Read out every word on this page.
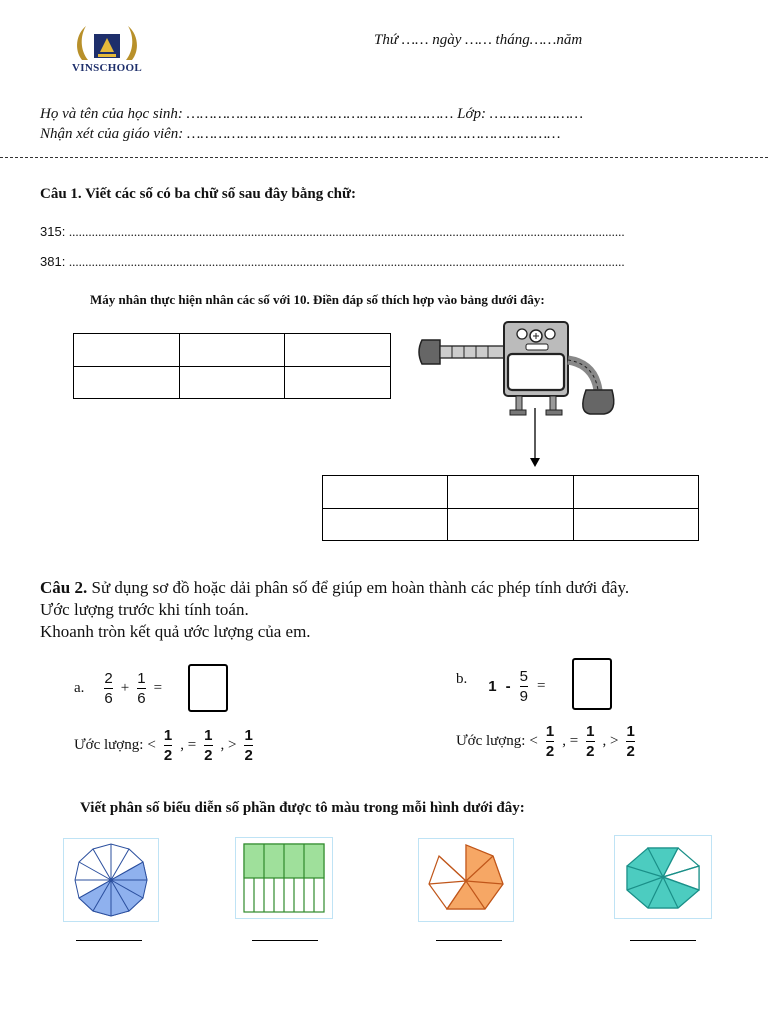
VINSCHOOL
Thứ …… ngày …… tháng……năm
Họ và tên của học sinh: …………………………………………………… Lớp: …………………
Nhận xét của giáo viên: …………………………………………………………………………
Câu 1. Viết các số có ba chữ số sau đây bằng chữ:
315: ...........................................................................................................................................................................
381: ...........................................................................................................................................................................
Máy nhân thực hiện nhân các số với 10. Điền đáp số thích hợp vào bảng dưới đây:

Câu 2. Sử dụng sơ đồ hoặc dải phân số để giúp em hoàn thành các phép tính dưới đây.
Ước lượng trước khi tính toán.
Khoanh tròn kết quả ước lượng của em.
a. $\frac{2}{6} + \frac{1}{6}$ =
b. $1 - \frac{5}{9}$ =
Ước lượng: < $\frac{1}{2}$ , = $\frac{1}{2}$ , > $\frac{1}{2}$	Ước lượng: < $\frac{1}{2}$ , = $\frac{1}{2}$ , > $\frac{1}{2}$
Viết phân số biểu diễn số phần được tô màu trong mỗi hình dưới đây:
